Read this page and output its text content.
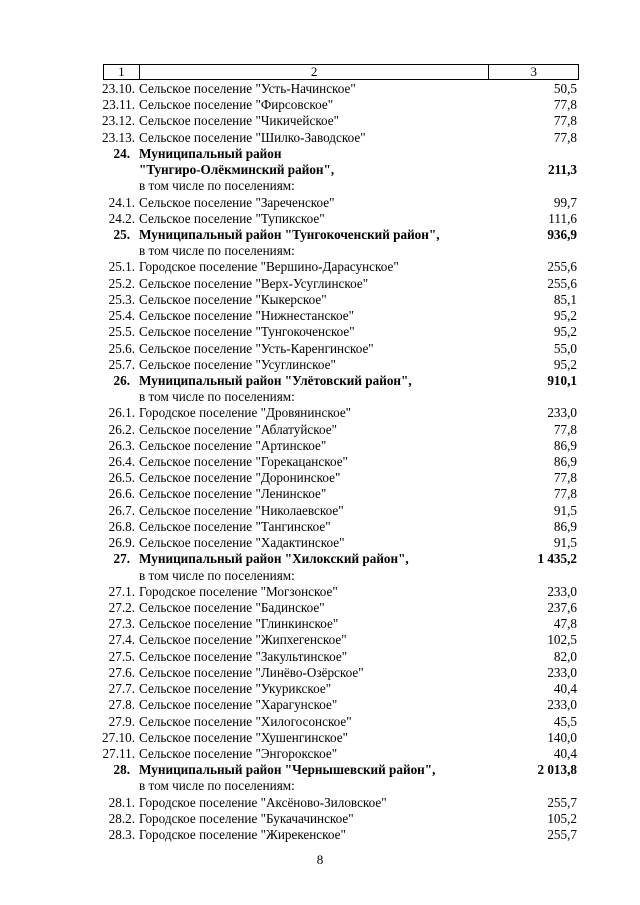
1	2	3
23.10. Сельское поселение "Усть-Начинское"	50,5
23.11. Сельское поселение "Фирсовское"	77,8
23.12. Сельское поселение "Чикичейское"	77,8
23.13. Сельское поселение "Шилко-Заводское"	77,8
24. Муниципальный район
"Тунгиро-Олёкминский район",	211,3
в том числе по поселениям:
24.1. Сельское поселение "Зареченское"	99,7
24.2. Сельское поселение "Тупикское"	111,6
25. Муниципальный район "Тунгокоченский район",	936,9
в том числе по поселениям:
25.1. Городское поселение "Вершино-Дарасунское"	255,6
25.2. Сельское поселение "Верх-Усуглинское"	255,6
25.3. Сельское поселение "Кыкерское"	85,1
25.4. Сельское поселение "Нижнестанское"	95,2
25.5. Сельское поселение "Тунгокоченское"	95,2
25.6. Сельское поселение "Усть-Каренгинское"	55,0
25.7. Сельское поселение "Усуглинское"	95,2
26. Муниципальный район "Улётовский район",	910,1
в том числе по поселениям:
26.1. Городское поселение "Дровянинское"	233,0
26.2. Сельское поселение "Аблатуйское"	77,8
26.3. Сельское поселение "Артинское"	86,9
26.4. Сельское поселение "Горекацанское"	86,9
26.5. Сельское поселение "Доронинское"	77,8
26.6. Сельское поселение "Ленинское"	77,8
26.7. Сельское поселение "Николаевское"	91,5
26.8. Сельское поселение "Тангинское"	86,9
26.9. Сельское поселение "Хадактинское"	91,5
27. Муниципальный район "Хилокский район",	1 435,2
в том числе по поселениям:
27.1. Городское поселение "Могзонское"	233,0
27.2. Сельское поселение "Бадинское"	237,6
27.3. Сельское поселение "Глинкинское"	47,8
27.4. Сельское поселение "Жипхегенское"	102,5
27.5. Сельское поселение "Закультинское"	82,0
27.6. Сельское поселение "Линёво-Озёрское"	233,0
27.7. Сельское поселение "Укурикское"	40,4
27.8. Сельское поселение "Харагунское"	233,0
27.9. Сельское поселение "Хилогосонское"	45,5
27.10. Сельское поселение "Хушенгинское"	140,0
27.11. Сельское поселение "Энгорокское"	40,4
28. Муниципальный район "Чернышевский район",	2 013,8
в том числе по поселениям:
28.1. Городское поселение "Аксёново-Зиловское"	255,7
28.2. Городское поселение "Букачачинское"	105,2
28.3. Городское поселение "Жирекенское"	255,7
8
